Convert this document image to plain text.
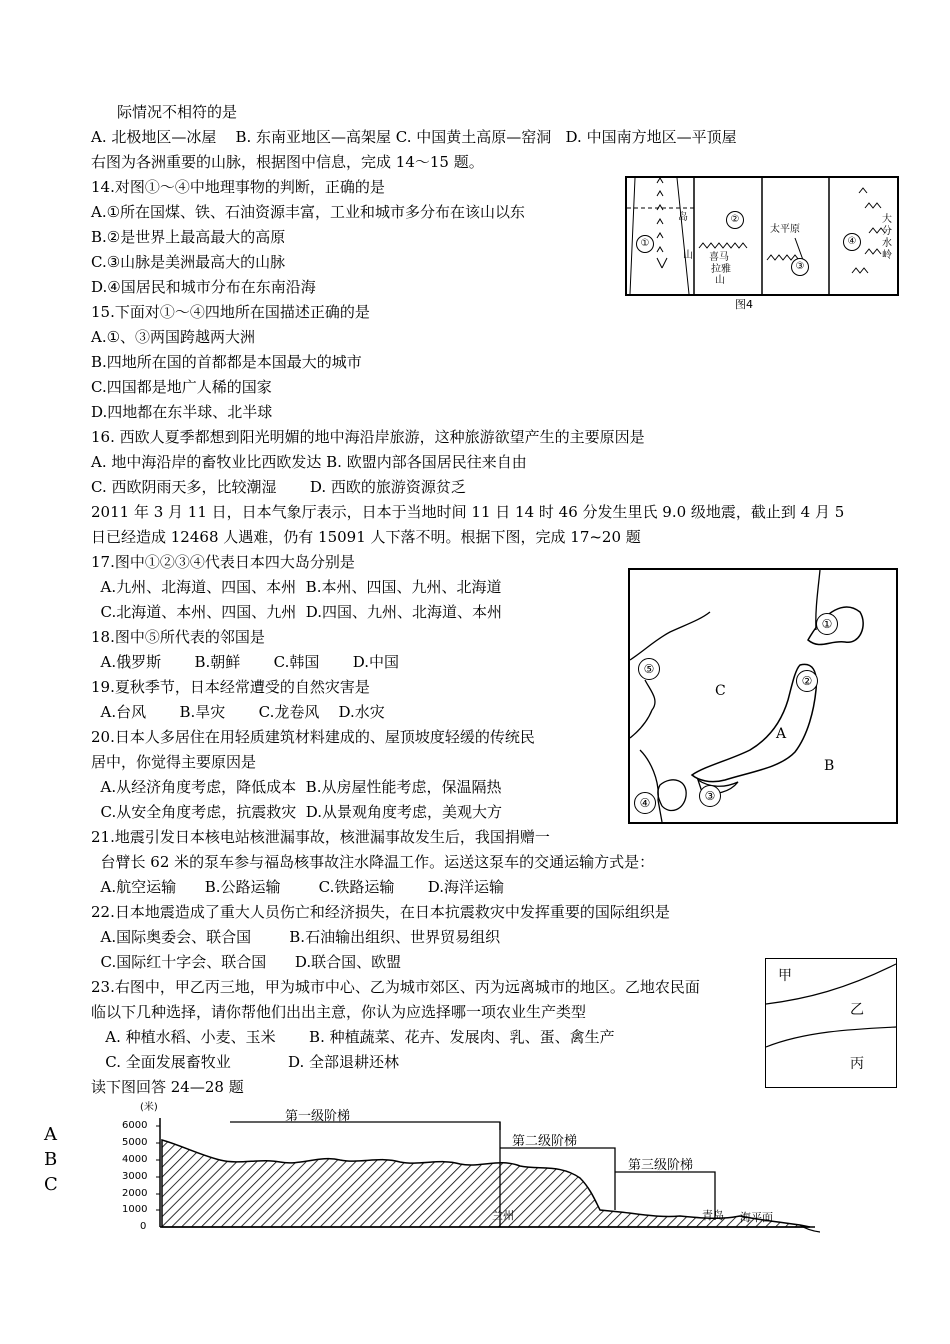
际情况不相符的是
A. 北极地区—冰屋    B. 东南亚地区—高架屋 C. 中国黄土高原—窑洞   D. 中国南方地区—平顶屋
右图为各洲重要的山脉，根据图中信息，完成 14～15 题。
14.对图①～④中地理事物的判断，正确的是
A.①所在国煤、铁、石油资源丰富，工业和城市多分布在该山以东
B.②是世界上最高最大的高原
C.③山脉是美洲最高大的山脉
D.④国居民和城市分布在东南沿海
15.下面对①～④四地所在国描述正确的是
A.①、③两国跨越两大洲
B.四地所在国的首都都是本国最大的城市
C.四国都是地广人稀的国家
D.四地都在东半球、北半球
16. 西欧人夏季都想到阳光明媚的地中海沿岸旅游，这种旅游欲望产生的主要原因是
A. 地中海沿岸的畜牧业比西欧发达 B. 欧盟内部各国居民往来自由
C. 西欧阴雨天多，比较潮湿       D. 西欧的旅游资源贫乏
2011 年 3 月 11 日，日本气象厅表示，日本于当地时间 11 日 14 时 46 分发生里氏 9.0 级地震，截止到 4 月 5
日已经造成 12468 人遇难，仍有 15091 人下落不明。根据下图，完成 17~20 题
17.图中①②③④代表日本四大岛分别是
A.九州、北海道、四国、本州  B.本州、四国、九州、北海道
C.北海道、本州、四国、九州  D.四国、九州、北海道、本州
18.图中⑤所代表的邻国是
A.俄罗斯       B.朝鲜       C.韩国       D.中国
19.夏秋季节，日本经常遭受的自然灾害是
A.台风       B.旱灾       C.龙卷风    D.水灾
20.日本人多居住在用轻质建筑材料建成的、屋顶坡度轻缓的传统民
居中，你觉得主要原因是
A.从经济角度考虑，降低成本  B.从房屋性能考虑，保温隔热
C.从安全角度考虑，抗震救灾  D.从景观角度考虑，美观大方
21.地震引发日本核电站核泄漏事故，核泄漏事故发生后，我国捐赠一
台臂长 62 米的泵车参与福岛核事故注水降温工作。运送这泵车的交通运输方式是：
A.航空运输      B.公路运输        C.铁路运输       D.海洋运输
22.日本地震造成了重大人员伤亡和经济损失，在日本抗震救灾中发挥重要的国际组织是
A.国际奥委会、联合国        B.石油输出组织、世界贸易组织
C.国际红十字会、联合国      D.联合国、欧盟
23.右图中，甲乙丙三地，甲为城市中心、乙为城市郊区、丙为远离城市的地区。乙地农民面
临以下几种选择，请你帮他们出出主意，你认为应选择哪一项农业生产类型
A. 种植水稻、小麦、玉米       B. 种植蔬菜、花卉、发展肉、乳、蛋、禽生产
C. 全面发展畜牧业            D. 全部退耕还林
读下图回答 24—28 题
A
B
C
岛
山
①
②
喜马
拉雅
山
太平原
③
④
大
分
水
岭
图4
①
②
③
④
⑤
C
A
B
甲
乙
丙
(米)
6000
5000
4000
3000
2000
1000
0
第一级阶梯
第二级阶梯
第三级阶梯
兰州	青岛 海平面
